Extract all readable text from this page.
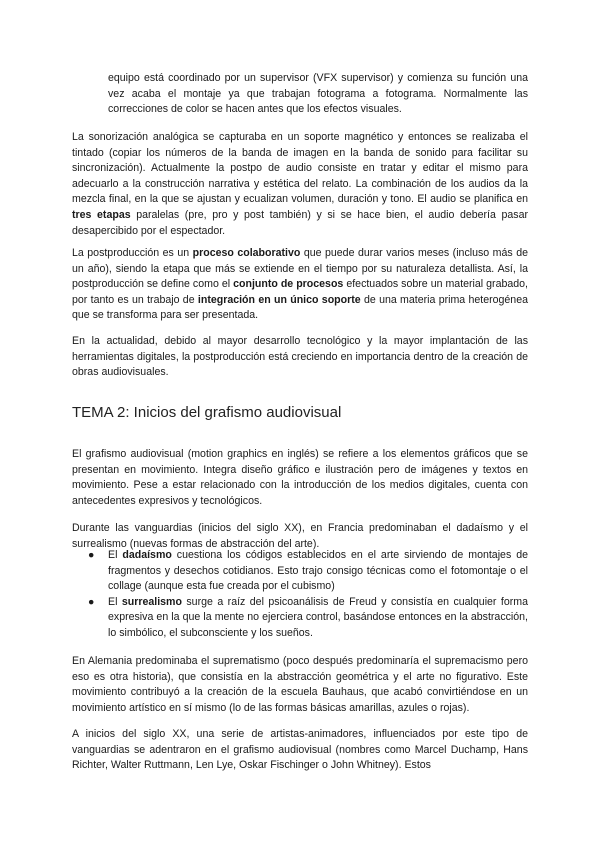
equipo está coordinado por un supervisor (VFX supervisor) y comienza su función una vez acaba el montaje ya que trabajan fotograma a fotograma. Normalmente las correcciones de color se hacen antes que los efectos visuales.

La sonorización analógica se capturaba en un soporte magnético y entonces se realizaba el tintado (copiar los números de la banda de imagen en la banda de sonido para facilitar su sincronización). Actualmente la postpo de audio consiste en tratar y editar el mismo para adecuarlo a la construcción narrativa y estética del relato. La combinación de los audios da la mezcla final, en la que se ajustan y ecualizan volumen, duración y tono. El audio se planifica en tres etapas paralelas (pre, pro y post también) y si se hace bien, el audio debería pasar desapercibido por el espectador.

La postproducción es un proceso colaborativo que puede durar varios meses (incluso más de un año), siendo la etapa que más se extiende en el tiempo por su naturaleza detallista. Así, la postproducción se define como el conjunto de procesos efectuados sobre un material grabado, por tanto es un trabajo de integración en un único soporte de una materia prima heterogénea que se transforma para ser presentada.

En la actualidad, debido al mayor desarrollo tecnológico y la mayor implantación de las herramientas digitales, la postproducción está creciendo en importancia dentro de la creación de obras audiovisuales.

TEMA 2: Inicios del grafismo audiovisual

El grafismo audiovisual (motion graphics en inglés) se refiere a los elementos gráficos que se presentan en movimiento. Integra diseño gráfico e ilustración pero de imágenes y textos en movimiento. Pese a estar relacionado con la introducción de los medios digitales, cuenta con antecedentes expresivos y tecnológicos.

Durante las vanguardias (inicios del siglo XX), en Francia predominaban el dadaísmo y el surrealismo (nuevas formas de abstracción del arte).

● El dadaísmo cuestiona los códigos establecidos en el arte sirviendo de montajes de fragmentos y desechos cotidianos. Esto trajo consigo técnicas como el fotomontaje o el collage (aunque esta fue creada por el cubismo)
● El surrealismo surge a raíz del psicoanálisis de Freud y consistía en cualquier forma expresiva en la que la mente no ejerciera control, basándose entonces en la abstracción, lo simbólico, el subconsciente y los sueños.

En Alemania predominaba el suprematismo (poco después predominaría el supremacismo pero eso es otra historia), que consistía en la abstracción geométrica y el arte no figurativo. Este movimiento contribuyó a la creación de la escuela Bauhaus, que acabó convirtiéndose en un movimiento artístico en sí mismo (lo de las formas básicas amarillas, azules o rojas).

A inicios del siglo XX, una serie de artistas-animadores, influenciados por este tipo de vanguardias se adentraron en el grafismo audiovisual (nombres como Marcel Duchamp, Hans Richter, Walter Ruttmann, Len Lye, Oskar Fischinger o John Whitney). Estos
